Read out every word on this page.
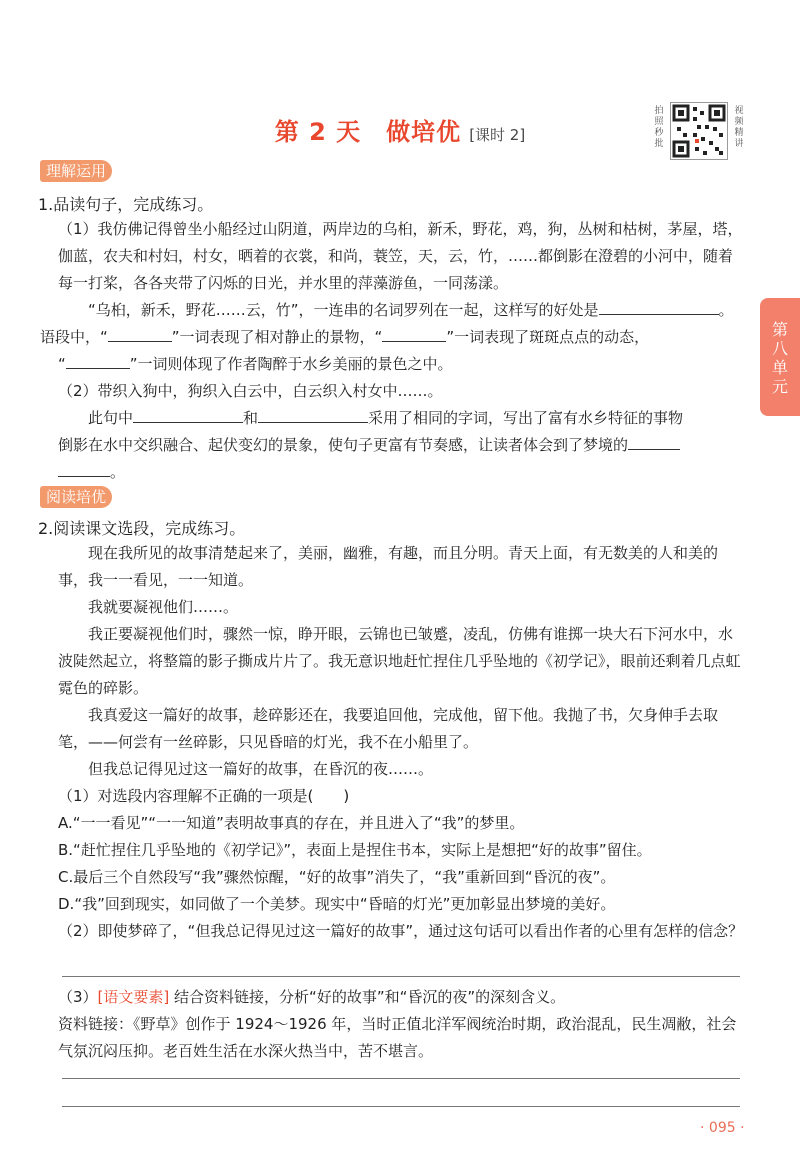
第 2 天　做培优 [课时 2]
拍照秒批
视频精讲
第八单元
理解运用
1.品读句子，完成练习。
（1）我仿佛记得曾坐小船经过山阴道，两岸边的乌桕，新禾，野花，鸡，狗，丛树和枯树，茅屋，塔，伽蓝，农夫和村妇，村女，晒着的衣裳，和尚，蓑笠，天，云，竹，……都倒影在澄碧的小河中，随着每一打桨，各各夹带了闪烁的日光，并水里的萍藻游鱼，一同荡漾。
“乌桕，新禾，野花……云，竹”，一连串的名词罗列在一起，这样写的好处是	。
语段中，“	”一词表现了相对静止的景物，“	”一词表现了斑斑点点的动态，
“	”一词则体现了作者陶醉于水乡美丽的景色之中。
（2）带织入狗中，狗织入白云中，白云织入村女中……。
此句中	和	采用了相同的字词，写出了富有水乡特征的事物
倒影在水中交织融合、起伏变幻的景象，使句子更富有节奏感，让读者体会到了梦境的
。
阅读培优
2.阅读课文选段，完成练习。
现在我所见的故事清楚起来了，美丽，幽雅，有趣，而且分明。青天上面，有无数美的人和美的事，我一一看见，一一知道。
我就要凝视他们……。
我正要凝视他们时，骤然一惊，睁开眼，云锦也已皱蹙，凌乱，仿佛有谁掷一块大石下河水中，水波陡然起立，将整篇的影子撕成片片了。我无意识地赶忙捏住几乎坠地的《初学记》，眼前还剩着几点虹霓色的碎影。
我真爱这一篇好的故事，趁碎影还在，我要追回他，完成他，留下他。我抛了书，欠身伸手去取笔，——何尝有一丝碎影，只见昏暗的灯光，我不在小船里了。
但我总记得见过这一篇好的故事，在昏沉的夜……。
（1）对选段内容理解不正确的一项是(　　)
A.“一一看见”“一一知道”表明故事真的存在，并且进入了“我”的梦里。
B.“赶忙捏住几乎坠地的《初学记》”，表面上是捏住书本，实际上是想把“好的故事”留住。
C.最后三个自然段写“我”骤然惊醒，“好的故事”消失了，“我”重新回到“昏沉的夜”。
D.“我”回到现实，如同做了一个美梦。现实中“昏暗的灯光”更加彰显出梦境的美好。
（2）即使梦碎了，“但我总记得见过这一篇好的故事”，通过这句话可以看出作者的心里有怎样的信念？
（3）[语文要素] 结合资料链接，分析“好的故事”和“昏沉的夜”的深刻含义。
资料链接：《野草》创作于 1924～1926 年，当时正值北洋军阀统治时期，政治混乱，民生凋敝，社会气氛沉闷压抑。老百姓生活在水深火热当中，苦不堪言。
· 095 ·
